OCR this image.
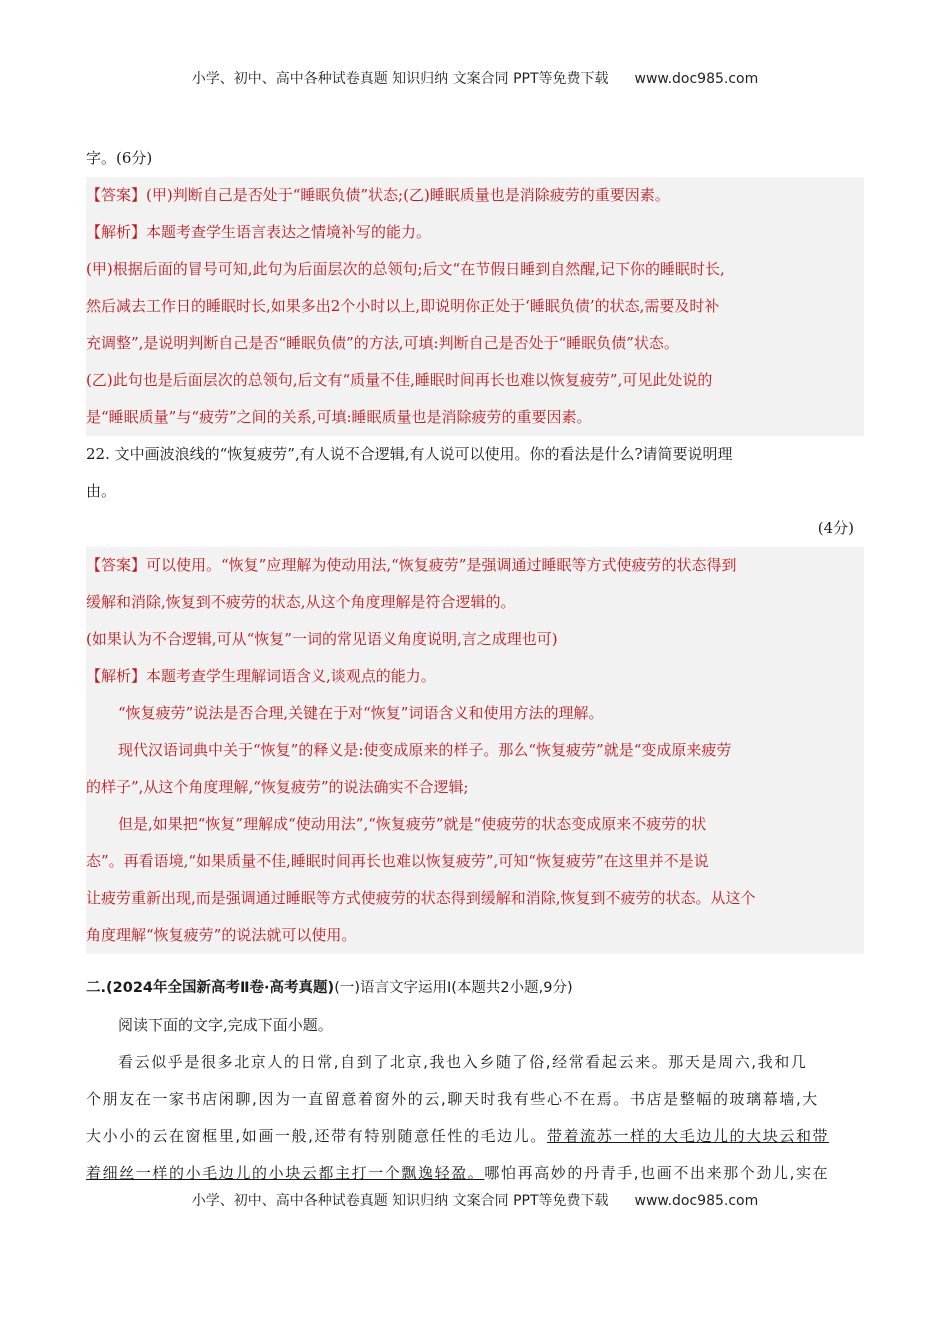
小学、初中、高中各种试卷真题 知识归纳 文案合同 PPT等免费下载 www.doc985.com
字。(6分)
【答案】(甲)判断自己是否处于“睡眠负债”状态;(乙)睡眠质量也是消除疲劳的重要因素。
【解析】本题考查学生语言表达之情境补写的能力。
(甲)根据后面的冒号可知,此句为后面层次的总领句;后文“在节假日睡到自然醒,记下你的睡眠时长,
然后减去工作日的睡眠时长,如果多出2个小时以上,即说明你正处于‘睡眠负债’的状态,需要及时补
充调整”,是说明判断自己是否“睡眠负债”的方法,可填:判断自己是否处于“睡眠负债”状态。
(乙)此句也是后面层次的总领句,后文有“质量不佳,睡眠时间再长也难以恢复疲劳”,可见此处说的
是“睡眠质量”与“疲劳”之间的关系,可填:睡眠质量也是消除疲劳的重要因素。
22. 文中画波浪线的“恢复疲劳”,有人说不合逻辑,有人说可以使用。你的看法是什么?请简要说明理
由。
(4分)
【答案】可以使用。“恢复”应理解为使动用法,“恢复疲劳”是强调通过睡眠等方式使疲劳的状态得到
缓解和消除,恢复到不疲劳的状态,从这个角度理解是符合逻辑的。
(如果认为不合逻辑,可从“恢复”一词的常见语义角度说明,言之成理也可)
【解析】本题考查学生理解词语含义,谈观点的能力。
“恢复疲劳”说法是否合理,关键在于对“恢复”词语含义和使用方法的理解。
现代汉语词典中关于“恢复”的释义是:使变成原来的样子。那么“恢复疲劳”就是“变成原来疲劳
的样子”,从这个角度理解,“恢复疲劳”的说法确实不合逻辑;
但是,如果把“恢复”理解成“使动用法”,“恢复疲劳”就是“使疲劳的状态变成原来不疲劳的状
态”。再看语境,“如果质量不佳,睡眠时间再长也难以恢复疲劳”,可知“恢复疲劳”在这里并不是说
让疲劳重新出现,而是强调通过睡眠等方式使疲劳的状态得到缓解和消除,恢复到不疲劳的状态。从这个
角度理解“恢复疲劳”的说法就可以使用。
二.(2024年全国新高考Ⅱ卷·高考真题)(一)语言文字运用Ⅰ(本题共2小题,9分)
阅读下面的文字,完成下面小题。
看云似乎是很多北京人的日常,自到了北京,我也入乡随了俗,经常看起云来。那天是周六,我和几
个朋友在一家书店闲聊,因为一直留意着窗外的云,聊天时我有些心不在焉。书店是整幅的玻璃幕墙,大
大小小的云在窗框里,如画一般,还带有特别随意任性的毛边儿。带着流苏一样的大毛边儿的大块云和带
着细丝一样的小毛边儿的小块云都主打一个飘逸轻盈。哪怕再高妙的丹青手,也画不出来那个劲儿,实在
小学、初中、高中各种试卷真题 知识归纳 文案合同 PPT等免费下载 www.doc985.com
